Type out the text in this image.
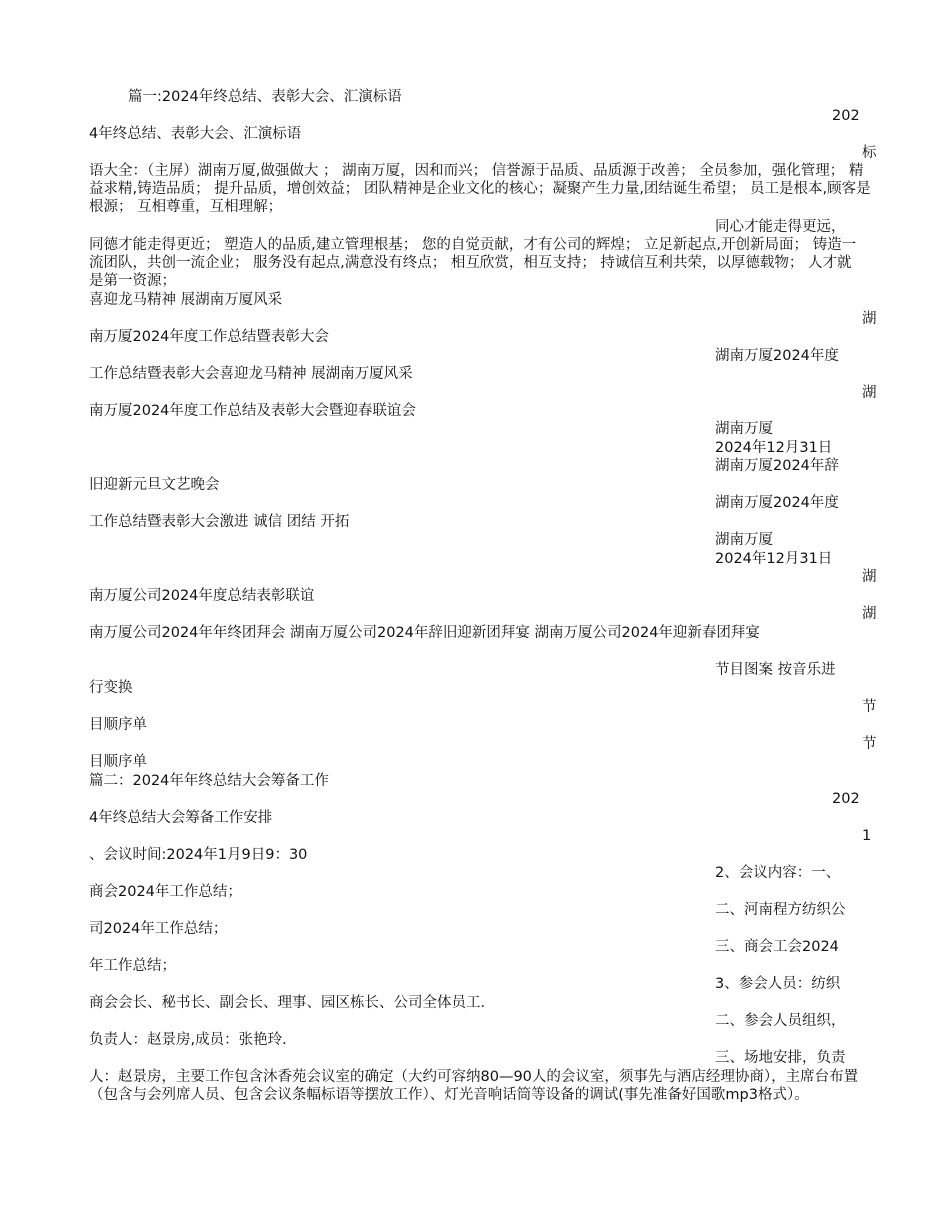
篇一:2024年终总结、表彰大会、汇演标语

202

4年终总结、表彰大会、汇演标语

标

语大全：（主屏）湖南万厦,做强做大 ； 湖南万厦，因和而兴； 信誉源于品质、品质源于改善； 全员参加，强化管理； 精益求精,铸造品质； 提升品质，增创效益； 团队精神是企业文化的核心；凝聚产生力量,团结诞生希望； 员工是根本,顾客是根源； 互相尊重，互相理解；

同心才能走得更远，

同德才能走得更近； 塑造人的品质,建立管理根基； 您的自觉贡献，才有公司的辉煌； 立足新起点,开创新局面； 铸造一流团队，共创一流企业； 服务没有起点,满意没有终点； 相互欣赏，相互支持； 持诚信互利共荣，以厚德载物； 人才就是第一资源；

喜迎龙马精神 展湖南万厦风采

湖

南万厦2024年度工作总结暨表彰大会

湖南万厦2024年度

工作总结暨表彰大会喜迎龙马精神 展湖南万厦风采

湖

南万厦2024年度工作总结及表彰大会暨迎春联谊会

湖南万厦

2024年12月31日

湖南万厦2024年辞

旧迎新元旦文艺晚会

湖南万厦2024年度

工作总结暨表彰大会激进 诚信 团结 开拓

湖南万厦

2024年12月31日

湖

南万厦公司2024年度总结表彰联谊

湖

南万厦公司2024年年终团拜会 湖南万厦公司2024年辞旧迎新团拜宴 湖南万厦公司2024年迎新春团拜宴

节目图案 按音乐进

行变换

节

目顺序单

节

目顺序单

篇二：2024年年终总结大会筹备工作

202

4年终总结大会筹备工作安排

1

、会议时间:2024年1月9日9：30

2、会议内容：一、

商会2024年工作总结；

二、河南程方纺织公

司2024年工作总结；

三、商会工会2024

年工作总结；

3、参会人员：纺织

商会会长、秘书长、副会长、理事、园区栋长、公司全体员工．

二、参会人员组织，

负责人：赵景房,成员：张艳玲．

三、场地安排，负责

人：赵景房，主要工作包含沐香苑会议室的确定（大约可容纳80—90人的会议室，须事先与酒店经理协商），主席台布置（包含与会列席人员、包含会议条幅标语等摆放工作）、灯光音响话筒等设备的调试(事先准备好国歌mp3格式）。
